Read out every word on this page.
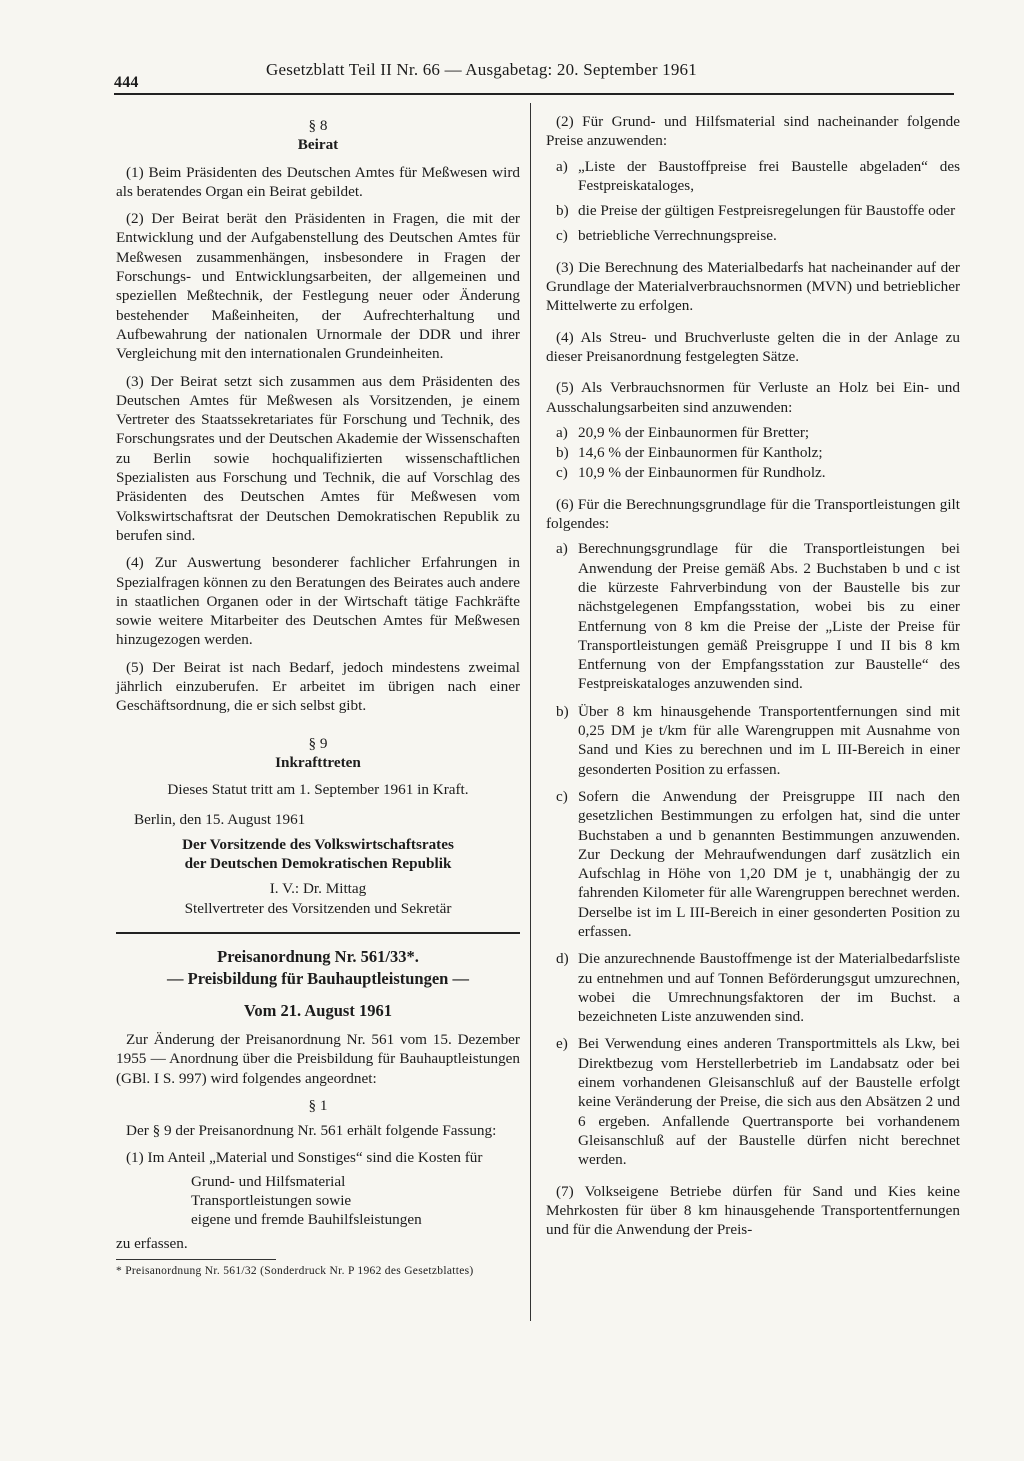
444
Gesetzblatt Teil II Nr. 66 — Ausgabetag: 20. September 1961
§ 8
Beirat

(1) Beim Präsidenten des Deutschen Amtes für Meßwesen wird als beratendes Organ ein Beirat gebildet.

(2) Der Beirat berät den Präsidenten in Fragen, die mit der Entwicklung und der Aufgabenstellung des Deutschen Amtes für Meßwesen zusammenhängen, insbesondere in Fragen der Forschungs- und Entwicklungsarbeiten, der allgemeinen und speziellen Meßtechnik, der Festlegung neuer oder Änderung bestehender Maßeinheiten, der Aufrechterhaltung und Aufbewahrung der nationalen Urnormale der DDR und ihrer Vergleichung mit den internationalen Grundeinheiten.

(3) Der Beirat setzt sich zusammen aus dem Präsidenten des Deutschen Amtes für Meßwesen als Vorsitzenden, je einem Vertreter des Staatssekretariates für Forschung und Technik, des Forschungsrates und der Deutschen Akademie der Wissenschaften zu Berlin sowie hochqualifizierten wissenschaftlichen Spezialisten aus Forschung und Technik, die auf Vorschlag des Präsidenten des Deutschen Amtes für Meßwesen vom Volkswirtschaftsrat der Deutschen Demokratischen Republik zu berufen sind.

(4) Zur Auswertung besonderer fachlicher Erfahrungen in Spezialfragen können zu den Beratungen des Beirates auch andere in staatlichen Organen oder in der Wirtschaft tätige Fachkräfte sowie weitere Mitarbeiter des Deutschen Amtes für Meßwesen hinzugezogen werden.

(5) Der Beirat ist nach Bedarf, jedoch mindestens zweimal jährlich einzuberufen. Er arbeitet im übrigen nach einer Geschäftsordnung, die er sich selbst gibt.

§ 9
Inkrafttreten

Dieses Statut tritt am 1. September 1961 in Kraft.

Berlin, den 15. August 1961

Der Vorsitzende des Volkswirtschaftsrates

der Deutschen Demokratischen Republik

I. V.: Dr. Mittag

Stellvertreter des Vorsitzenden und Sekretär

Preisanordnung Nr. 561/33*.
— Preisbildung für Bauhauptleistungen —
Vom 21. August 1961

Zur Änderung der Preisanordnung Nr. 561 vom 15. Dezember 1955 — Anordnung über die Preisbildung für Bauhauptleistungen (GBl. I S. 997) wird folgendes angeordnet:

§ 1

Der § 9 der Preisanordnung Nr. 561 erhält folgende Fassung:

(1) Im Anteil „Material und Sonstiges“ sind die Kosten für

Grund- und Hilfsmaterial
Transportleistungen sowie
eigene und fremde Bauhilfsleistungen

zu erfassen.

* Preisanordnung Nr. 561/32 (Sonderdruck Nr. P 1962 des Gesetzblattes)

(2) Für Grund- und Hilfsmaterial sind nacheinander folgende Preise anzuwenden:

a) „Liste der Baustoffpreise frei Baustelle abgeladen“ des Festpreiskataloges,
b) die Preise der gültigen Festpreisregelungen für Baustoffe oder
c) betriebliche Verrechnungspreise.

(3) Die Berechnung des Materialbedarfs hat nacheinander auf der Grundlage der Materialverbrauchsnormen (MVN) und betrieblicher Mittelwerte zu erfolgen.

(4) Als Streu- und Bruchverluste gelten die in der Anlage zu dieser Preisanordnung festgelegten Sätze.

(5) Als Verbrauchsnormen für Verluste an Holz bei Ein- und Ausschalungsarbeiten sind anzuwenden:

a) 20,9 % der Einbaunormen für Bretter;
b) 14,6 % der Einbaunormen für Kantholz;
c) 10,9 % der Einbaunormen für Rundholz.

(6) Für die Berechnungsgrundlage für die Transportleistungen gilt folgendes:

a) Berechnungsgrundlage für die Transportleistungen bei Anwendung der Preise gemäß Abs. 2 Buchstaben b und c ist die kürzeste Fahrverbindung von der Baustelle bis zur nächstgelegenen Empfangsstation, wobei bis zu einer Entfernung von 8 km die Preise der „Liste der Preise für Transportleistungen gemäß Preisgruppe I und II bis 8 km Entfernung von der Empfangsstation zur Baustelle“ des Festpreiskataloges anzuwenden sind.
b) Über 8 km hinausgehende Transportentfernungen sind mit 0,25 DM je t/km für alle Warengruppen mit Ausnahme von Sand und Kies zu berechnen und im L III-Bereich in einer gesonderten Position zu erfassen.
c) Sofern die Anwendung der Preisgruppe III nach den gesetzlichen Bestimmungen zu erfolgen hat, sind die unter Buchstaben a und b genannten Bestimmungen anzuwenden. Zur Deckung der Mehraufwendungen darf zusätzlich ein Aufschlag in Höhe von 1,20 DM je t, unabhängig der zu fahrenden Kilometer für alle Warengruppen berechnet werden. Derselbe ist im L III-Bereich in einer gesonderten Position zu erfassen.
d) Die anzurechnende Baustoffmenge ist der Materialbedarfsliste zu entnehmen und auf Tonnen Beförderungsgut umzurechnen, wobei die Umrechnungsfaktoren der im Buchst. a bezeichneten Liste anzuwenden sind.
e) Bei Verwendung eines anderen Transportmittels als Lkw, bei Direktbezug vom Herstellerbetrieb im Landabsatz oder bei einem vorhandenen Gleisanschluß auf der Baustelle erfolgt keine Veränderung der Preise, die sich aus den Absätzen 2 und 6 ergeben. Anfallende Quertransporte bei vorhandenem Gleisanschluß auf der Baustelle dürfen nicht berechnet werden.

(7) Volkseigene Betriebe dürfen für Sand und Kies keine Mehrkosten für über 8 km hinausgehende Transportentfernungen und für die Anwendung der Preis-
